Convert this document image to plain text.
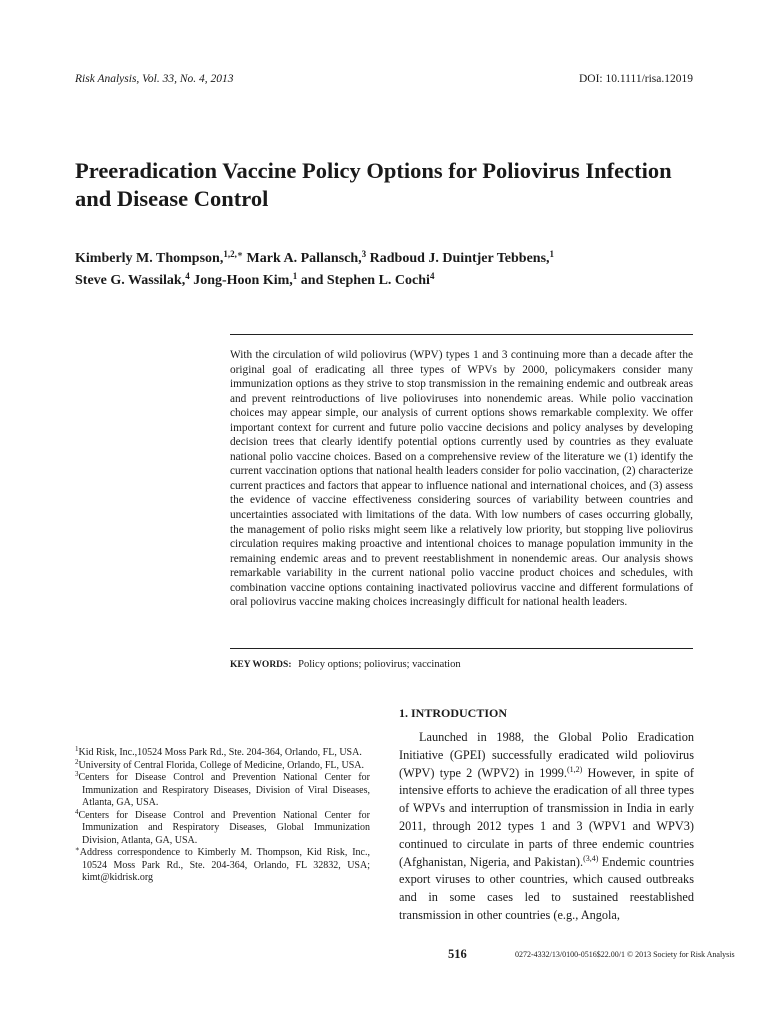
Risk Analysis, Vol. 33, No. 4, 2013	DOI: 10.1111/risa.12019
Preeradication Vaccine Policy Options for Poliovirus Infection and Disease Control
Kimberly M. Thompson,$^{1,2,∗}$ Mark A. Pallansch,$^3$ Radboud J. Duintjer Tebbens,$^1$
Steve G. Wassilak,$^4$ Jong-Hoon Kim,$^1$ and Stephen L. Cochi$^4$

With the circulation of wild poliovirus (WPV) types 1 and 3 continuing more than a decade after the original goal of eradicating all three types of WPVs by 2000, policymakers consider many immunization options as they strive to stop transmission in the remaining endemic and outbreak areas and prevent reintroductions of live polioviruses into nonendemic areas. While polio vaccination choices may appear simple, our analysis of current options shows remarkable complexity. We offer important context for current and future polio vaccine decisions and policy analyses by developing decision trees that clearly identify potential options currently used by countries as they evaluate national polio vaccine choices. Based on a comprehensive review of the literature we (1) identify the current vaccination options that national health leaders consider for polio vaccination, (2) characterize current practices and factors that appear to influence national and international choices, and (3) assess the evidence of vaccine effectiveness considering sources of variability between countries and uncertainties associated with limitations of the data. With low numbers of cases occurring globally, the management of polio risks might seem like a relatively low priority, but stopping live poliovirus circulation requires making proactive and intentional choices to manage population immunity in the remaining endemic areas and to prevent reestablishment in nonendemic areas. Our analysis shows remarkable variability in the current national polio vaccine product choices and schedules, with combination vaccine options containing inactivated poliovirus vaccine and different formulations of oral poliovirus vaccine making choices increasingly difficult for national health leaders.

KEY WORDS: Policy options; poliovirus; vaccination
$^1$Kid Risk, Inc.,10524 Moss Park Rd., Ste. 204-364, Orlando, FL, USA.
$^2$University of Central Florida, College of Medicine, Orlando, FL, USA.
$^3$Centers for Disease Control and Prevention National Center for Immunization and Respiratory Diseases, Division of Viral Diseases, Atlanta, GA, USA.
$^4$Centers for Disease Control and Prevention National Center for Immunization and Respiratory Diseases, Global Immunization Division, Atlanta, GA, USA.
∗Address correspondence to Kimberly M. Thompson, Kid Risk, Inc., 10524 Moss Park Rd., Ste. 204-364, Orlando, FL 32832, USA; kimt@kidrisk.org
1. INTRODUCTION

Launched in 1988, the Global Polio Eradication Initiative (GPEI) successfully eradicated wild poliovirus (WPV) type 2 (WPV2) in 1999.$^{(1,2)}$ However, in spite of intensive efforts to achieve the eradication of all three types of WPVs and interruption of transmission in India in early 2011, through 2012 types 1 and 3 (WPV1 and WPV3) continued to circulate in parts of three endemic countries (Afghanistan, Nigeria, and Pakistan).$^{(3,4)}$ Endemic countries export viruses to other countries, which caused outbreaks and in some cases led to sustained reestablished transmission in other countries (e.g., Angola,

516	0272-4332/13/0100-0516$22.00/1 © 2013 Society for Risk Analysis
